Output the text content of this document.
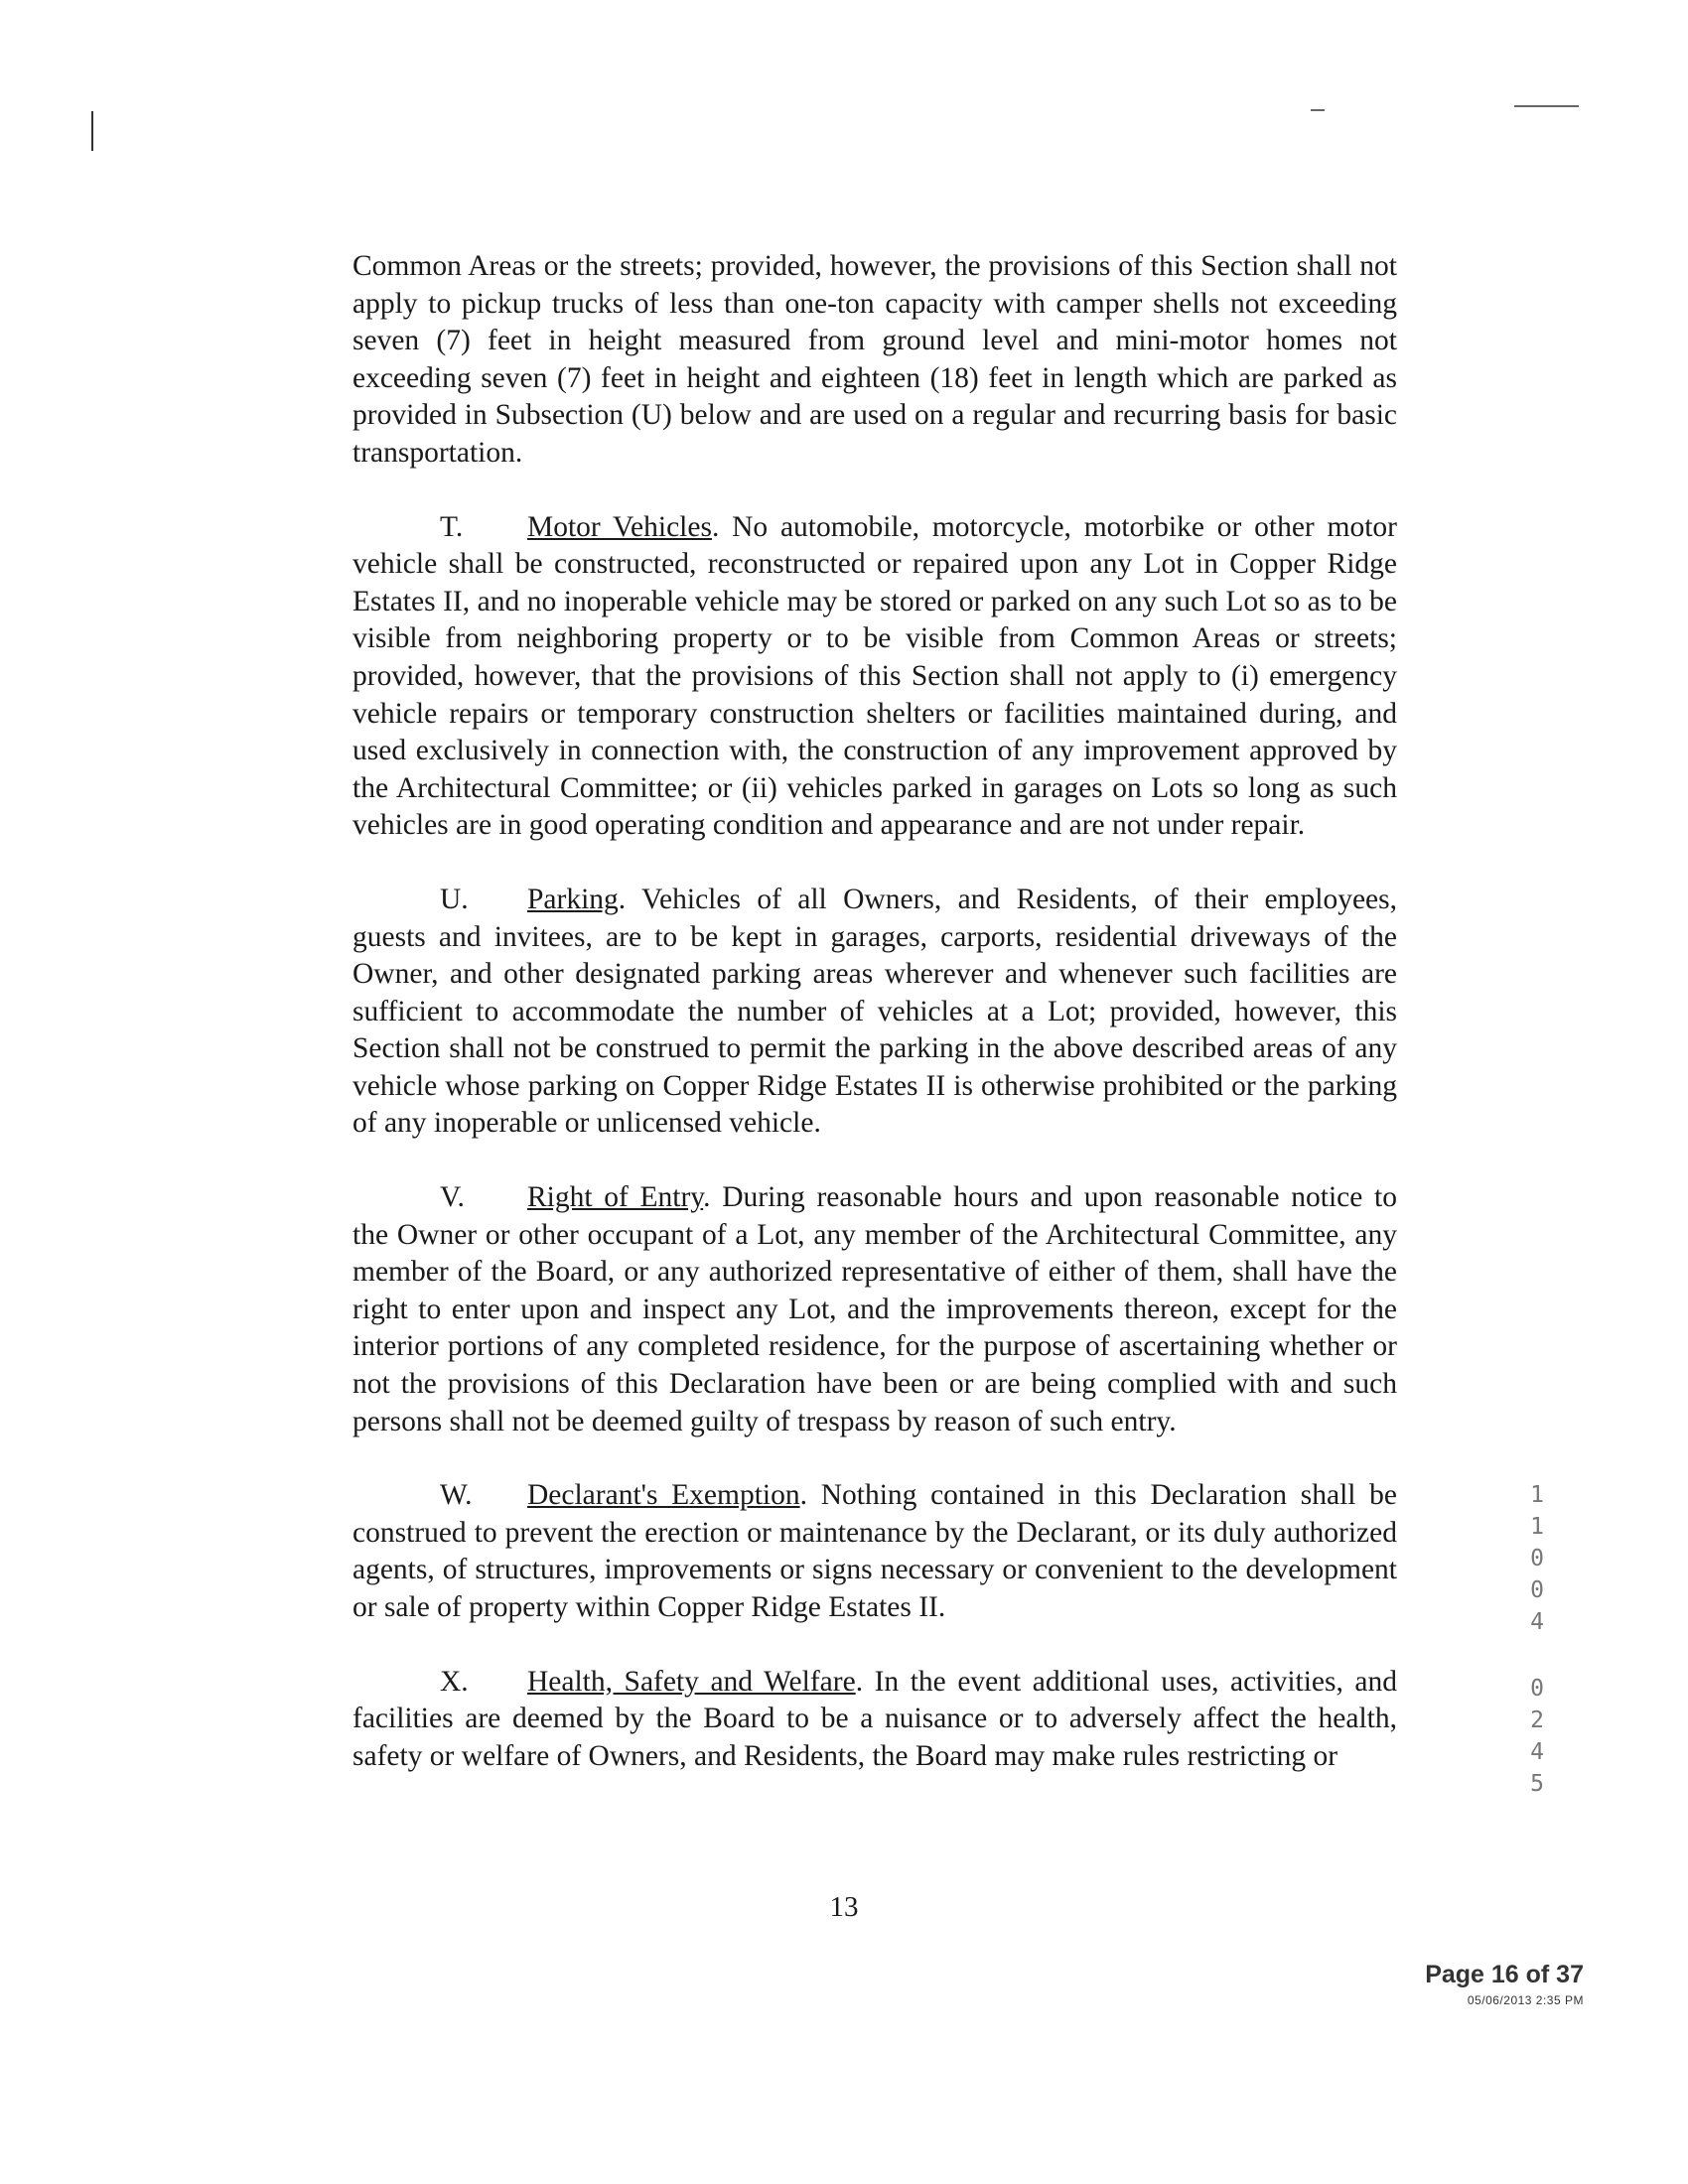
Common Areas or the streets; provided, however, the provisions of this Section shall not apply to pickup trucks of less than one-ton capacity with camper shells not exceeding seven (7) feet in height measured from ground level and mini-motor homes not exceeding seven (7) feet in height and eighteen (18) feet in length which are parked as provided in Subsection (U) below and are used on a regular and recurring basis for basic transportation.

T. Motor Vehicles. No automobile, motorcycle, motorbike or other motor vehicle shall be constructed, reconstructed or repaired upon any Lot in Copper Ridge Estates II, and no inoperable vehicle may be stored or parked on any such Lot so as to be visible from neighboring property or to be visible from Common Areas or streets; provided, however, that the provisions of this Section shall not apply to (i) emergency vehicle repairs or temporary construction shelters or facilities maintained during, and used exclusively in connection with, the construction of any improvement approved by the Architectural Committee; or (ii) vehicles parked in garages on Lots so long as such vehicles are in good operating condition and appearance and are not under repair.

U. Parking. Vehicles of all Owners, and Residents, of their employees, guests and invitees, are to be kept in garages, carports, residential driveways of the Owner, and other designated parking areas wherever and whenever such facilities are sufficient to accommodate the number of vehicles at a Lot; provided, however, this Section shall not be construed to permit the parking in the above described areas of any vehicle whose parking on Copper Ridge Estates II is otherwise prohibited or the parking of any inoperable or unlicensed vehicle.

V. Right of Entry. During reasonable hours and upon reasonable notice to the Owner or other occupant of a Lot, any member of the Architectural Committee, any member of the Board, or any authorized representative of either of them, shall have the right to enter upon and inspect any Lot, and the improvements thereon, except for the interior portions of any completed residence, for the purpose of ascertaining whether or not the provisions of this Declaration have been or are being complied with and such persons shall not be deemed guilty of trespass by reason of such entry.

W. Declarant's Exemption. Nothing contained in this Declaration shall be construed to prevent the erection or maintenance by the Declarant, or its duly authorized agents, of structures, improvements or signs necessary or convenient to the development or sale of property within Copper Ridge Estates II.

X. Health, Safety and Welfare. In the event additional uses, activities, and facilities are deemed by the Board to be a nuisance or to adversely affect the health, safety or welfare of Owners, and Residents, the Board may make rules restricting or

1
1
0
0
4
0
2
4
5
13
Page 16 of 37
05/06/2013 2:35 PM
